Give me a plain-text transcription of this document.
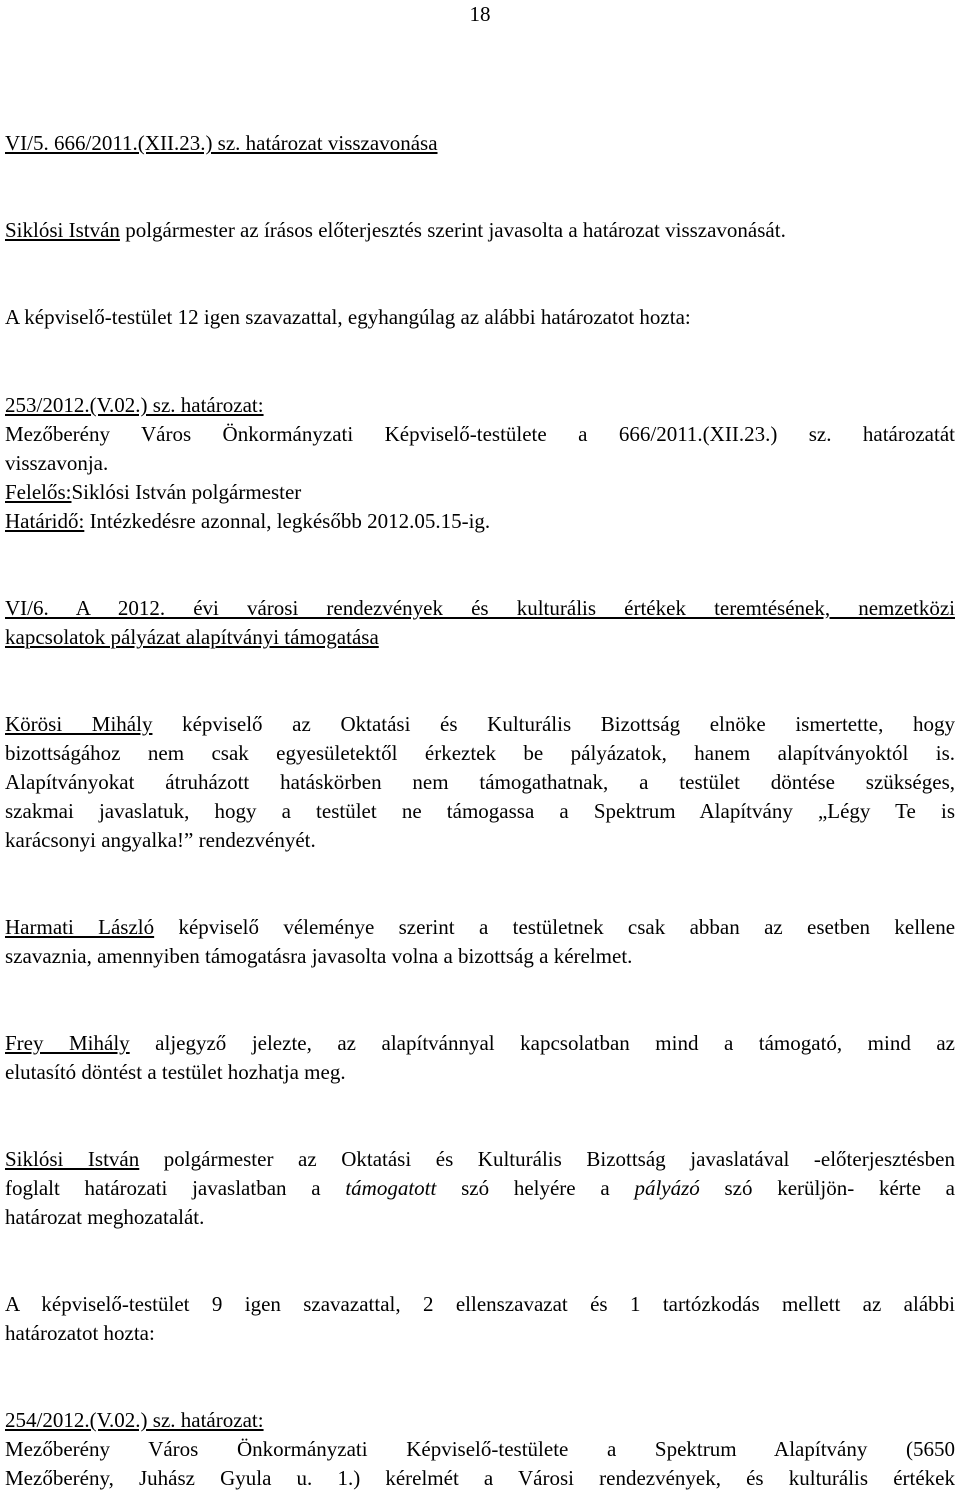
18
VI/5. 666/2011.(XII.23.) sz. határozat visszavonása
Siklósi István polgármester az írásos előterjesztés szerint javasolta a határozat visszavonását.
A képviselő-testület 12 igen szavazattal, egyhangúlag az alábbi határozatot hozta:
253/2012.(V.02.) sz. határozat:
Mezőberény Város Önkormányzati Képviselő-testülete a 666/2011.(XII.23.) sz. határozatát
visszavonja.
Felelős:Siklósi István polgármester
Határidő: Intézkedésre azonnal, legkésőbb 2012.05.15-ig.
VI/6. A 2012. évi városi rendezvények és kulturális értékek teremtésének, nemzetközi
kapcsolatok pályázat alapítványi támogatása
Körösi Mihály képviselő az Oktatási és Kulturális Bizottság elnöke ismertette, hogy
bizottságához nem csak egyesületektől érkeztek be pályázatok, hanem alapítványoktól is.
Alapítványokat átruházott hatáskörben nem támogathatnak, a testület döntése szükséges,
szakmai javaslatuk, hogy a testület ne támogassa a Spektrum Alapítvány „Légy Te is
karácsonyi angyalka!” rendezvényét.
Harmati László képviselő véleménye szerint a testületnek csak abban az esetben kellene
szavaznia, amennyiben támogatásra javasolta volna a bizottság a kérelmet.
Frey Mihály aljegyző jelezte, az alapítvánnyal kapcsolatban mind a támogató, mind az
elutasító döntést a testület hozhatja meg.
Siklósi István polgármester az Oktatási és Kulturális Bizottság javaslatával -előterjesztésben
foglalt határozati javaslatban a támogatott szó helyére a pályázó szó kerüljön- kérte a
határozat meghozatalát.
A képviselő-testület 9 igen szavazattal, 2 ellenszavazat és 1 tartózkodás mellett az alábbi
határozatot hozta:
254/2012.(V.02.) sz. határozat:
Mezőberény Város Önkormányzati Képviselő-testülete a Spektrum Alapítvány (5650
Mezőberény, Juhász Gyula u. 1.) kérelmét a Városi rendezvények, és kulturális értékek
